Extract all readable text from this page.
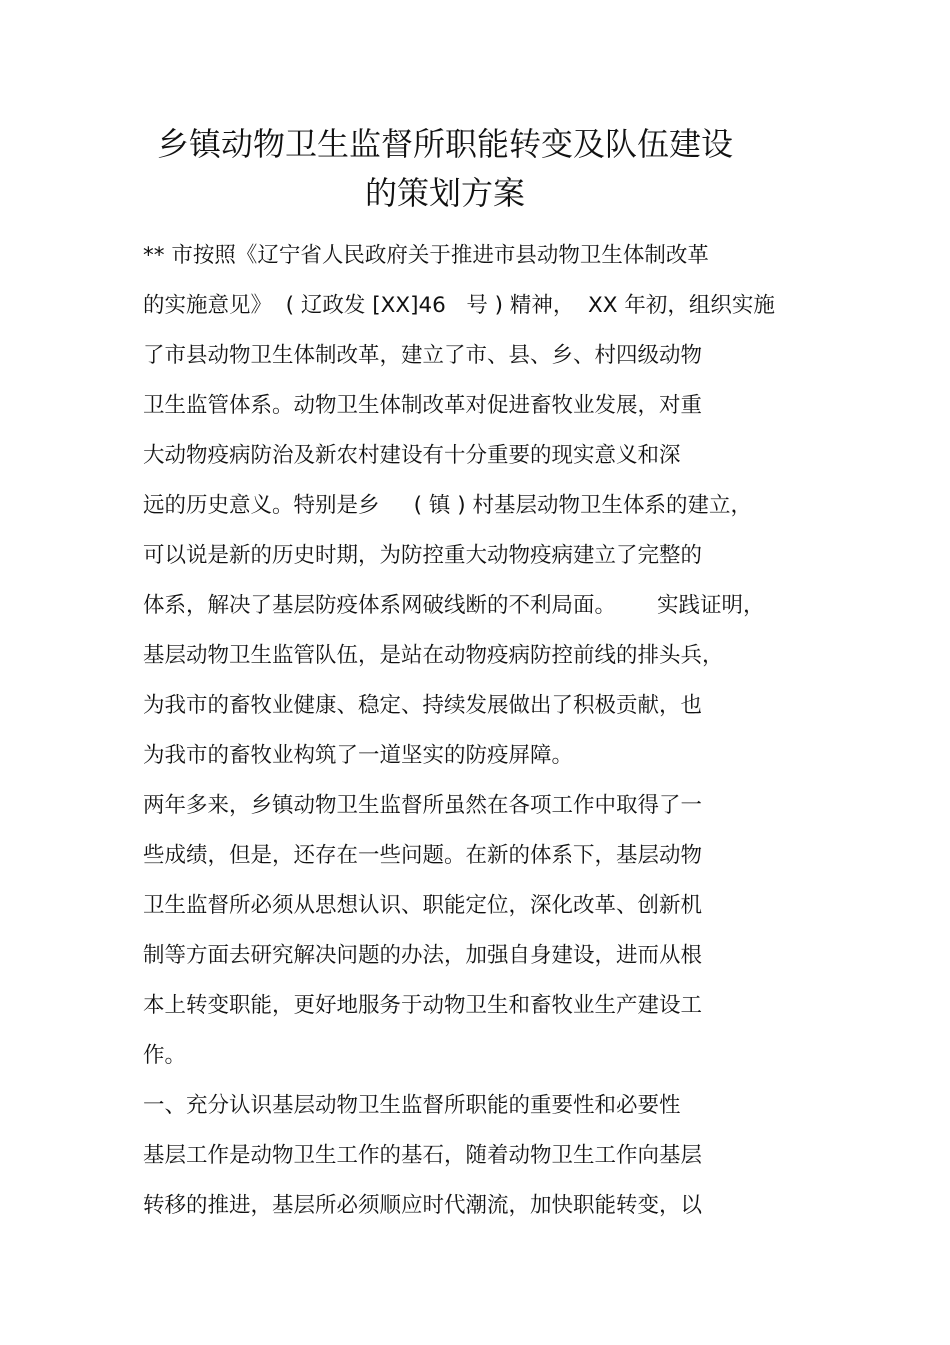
乡镇动物卫生监督所职能转变及队伍建设
的策划方案
** 市按照《辽宁省人民政府关于推进市县动物卫生体制改革
的实施意见》  ( 辽政发 [XX]46   号 ) 精神，  XX 年初，组织实施
了市县动物卫生体制改革，建立了市、县、乡、村四级动物
卫生监管体系。动物卫生体制改革对促进畜牧业发展，对重
大动物疫病防治及新农村建设有十分重要的现实意义和深
远的历史意义。特别是乡     ( 镇 ) 村基层动物卫生体系的建立，
可以说是新的历史时期，为防控重大动物疫病建立了完整的
体系，解决了基层防疫体系网破线断的不利局面。      实践证明，
基层动物卫生监管队伍，是站在动物疫病防控前线的排头兵，
为我市的畜牧业健康、稳定、持续发展做出了积极贡献，也
为我市的畜牧业构筑了一道坚实的防疫屏障。
两年多来，乡镇动物卫生监督所虽然在各项工作中取得了一
些成绩，但是，还存在一些问题。在新的体系下，基层动物
卫生监督所必须从思想认识、职能定位，深化改革、创新机
制等方面去研究解决问题的办法，加强自身建设，进而从根
本上转变职能，更好地服务于动物卫生和畜牧业生产建设工
作。
一、充分认识基层动物卫生监督所职能的重要性和必要性
基层工作是动物卫生工作的基石，随着动物卫生工作向基层
转移的推进，基层所必须顺应时代潮流，加快职能转变，以
